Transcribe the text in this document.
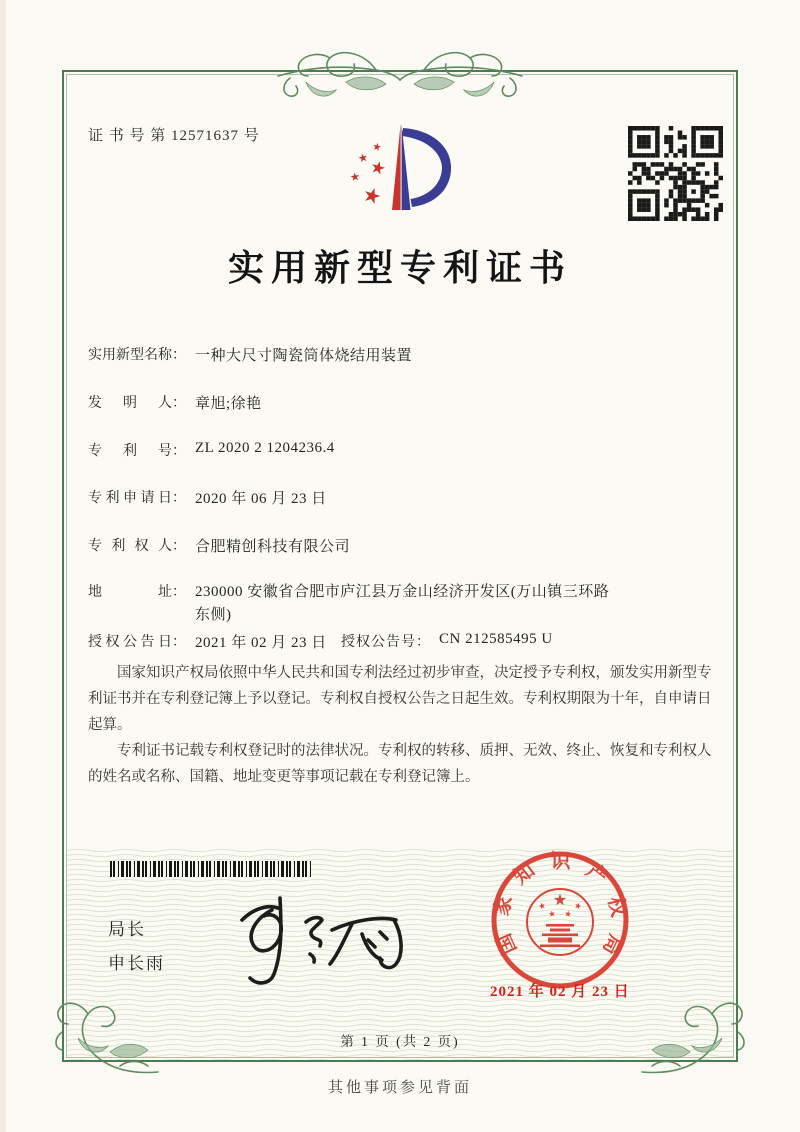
证 书 号 第 12571637 号
实用新型专利证书
实用新型名称 ： 一种大尺寸陶瓷筒体烧结用装置
发明人 ： 章旭;徐艳
专利号 ： ZL 2020 2 1204236.4
专利申请日 ： 2020 年 06 月 23 日
专利权人 ： 合肥精创科技有限公司
地址 ： 230000 安徽省合肥市庐江县万金山经济开发区(万山镇三环路东侧)
授权公告日 ： 2021 年 02 月 23 日	授权公告号 ： CN 212585495 U

国家知识产权局依照中华人民共和国专利法经过初步审查，决定授予专利权，颁发实用新型专利证书并在专利登记簿上予以登记。专利权自授权公告之日起生效。专利权期限为十年，自申请日起算。

专利证书记载专利权登记时的法律状况。专利权的转移、质押、无效、终止、恢复和专利权人的姓名或名称、国籍、地址变更等事项记载在专利登记簿上。

局长
申长雨
国家知识产权局
2021 年 02 月 23 日
第 1 页 (共 2 页)
其他事项参见背面
